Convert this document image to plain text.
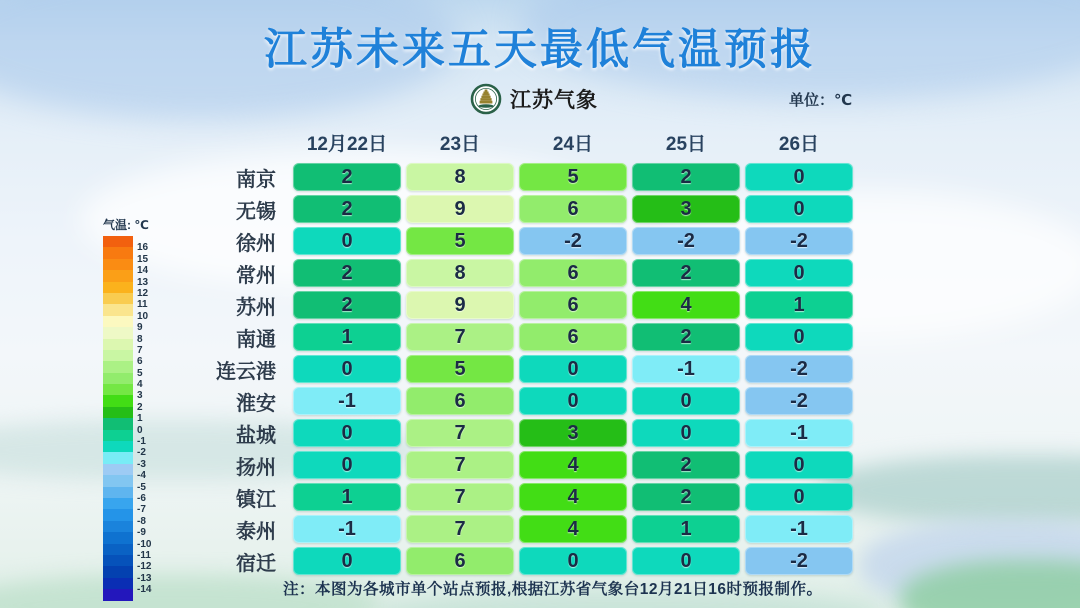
江苏未来五天最低气温预报
江苏气象	单位：℃
气温: ℃
16
15
14
13
12
11
10
9
8
7
6
5
4
3
2
1
0
-1
-2
-3
-4
-5
-6
-7
-8
-9
-10
-11
-12
-13
-14
12月22日	23日	24日	25日	26日
南京	2	8	5	2	0
无锡	2	9	6	3	0
徐州	0	5	-2	-2	-2
常州	2	8	6	2	0
苏州	2	9	6	4	1
南通	1	7	6	2	0
连云港	0	5	0	-1	-2
淮安	-1	6	0	0	-2
盐城	0	7	3	0	-1
扬州	0	7	4	2	0
镇江	1	7	4	2	0
泰州	-1	7	4	1	-1
宿迁	0	6	0	0	-2
注：本图为各城市单个站点预报,根据江苏省气象台12月21日16时预报制作。
